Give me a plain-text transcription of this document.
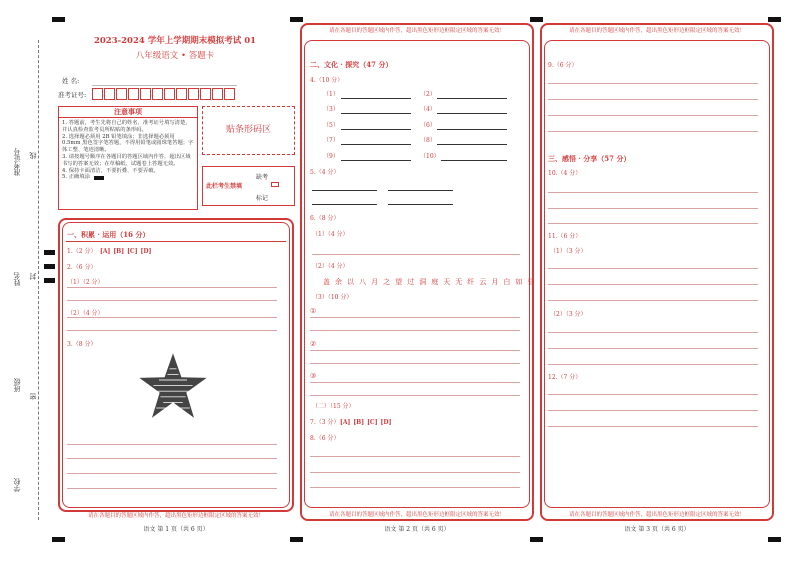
准考证号 线
姓名 封
班级
密
学校
2023-2024 学年上学期期末模拟考试 01
八年级语文 • 答题卡
姓 名:
准考证号:
注意事项
1. 答题前，考生先将自己的姓名，准考证号填写清楚，并认真检查监考员所粘贴的条形码。
2. 选择题必须用 2B 铅笔填涂；非选择题必须用 0.5mm 黑色签字笔答题，不得用铅笔或圆珠笔答题；字体工整、笔迹清晰。
3. 请按题号顺序在各题目的答题区域内作答，超出区域书写的答案无效；在草稿纸、试题卷上答题无效。
4. 保持卡面清洁，不要折叠、不要弄破。
5. 正确填涂
贴条形码区
此栏考生禁填
缺考
标记
一、积累 · 运用（16 分）
1.（2 分） [A] [B] [C] [D]
2.（6 分）
（1）（2 分）
（2）（4 分）
3.（8 分）
请在各题目的答题区域内作答，超出黑色矩形边框限定区域的答案无效！
语文 第 1 页（共 6 页）
请在各题目的答题区域内作答，超出黑色矩形边框限定区域的答案无效！
二、文化 · 探究（47 分）
4.（10 分）
（1）	（2）
（3）	（4）
（5）	（6）
（7）	（8）
（9）	（10）
5.（4 分）
6.（8 分）
（1）（4 分）
（2）（4 分）
盖 余 以 八 月 之 望 过 洞 庭 天 无 纤 云 月 白 如 昼
（3）（10 分）
①
②
③
（二）（15 分）
7.（3 分） [A] [B] [C] [D]
8.（6 分）
请在各题目的答题区域内作答，超出黑色矩形边框限定区域的答案无效！
语文 第 2 页（共 6 页）
请在各题目的答题区域内作答，超出黑色矩形边框限定区域的答案无效！
9.（6 分）
三、感悟 · 分享（57 分）
10.（4 分）
11.（6 分）
（1）（3 分）
（2）（3 分）
12.（7 分）
请在各题目的答题区域内作答，超出黑色矩形边框限定区域的答案无效！
语文 第 3 页（共 6 页）
